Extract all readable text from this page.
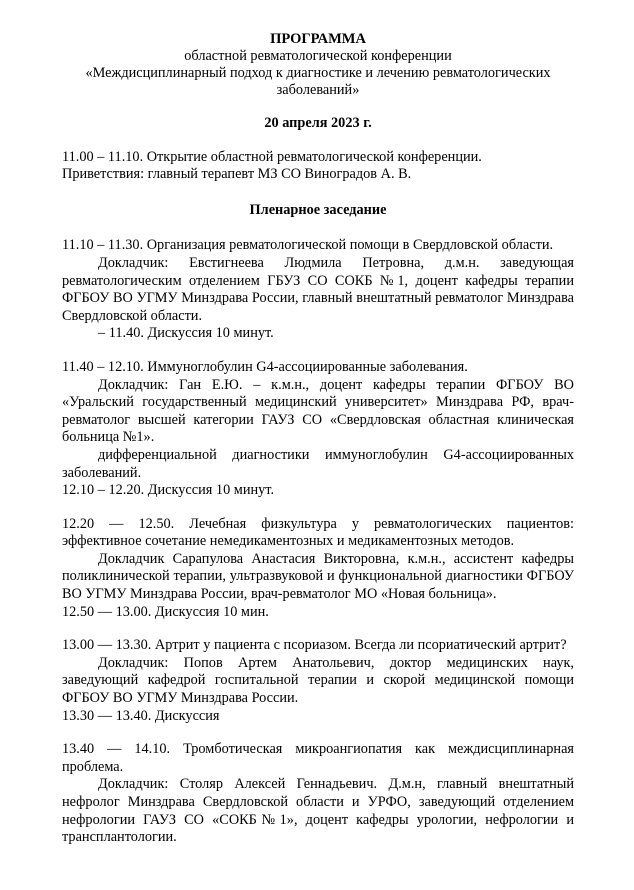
ПРОГРАММА
областной ревматологической конференции
«Междисциплинарный подход к диагностике и лечению ревматологических
заболеваний»
20 апреля 2023 г.

11.00 – 11.10. Открытие областной ревматологической конференции.

Приветствия: главный терапевт МЗ СО Виноградов А. В.

Пленарное заседание

11.10 – 11.30. Организация ревматологической помощи в Свердловской области.

Докладчик: Евстигнеева Людмила Петровна, д.м.н. заведующая ревматологическим отделением ГБУЗ СО СОКБ №1, доцент кафедры терапии ФГБОУ ВО УГМУ Минздрава России, главный внештатный ревматолог Минздрава Свердловской области.

– 11.40. Дискуссия 10 минут.

11.40 – 12.10. Иммуноглобулин G4-ассоциированные заболевания.

Докладчик: Ган Е.Ю. – к.м.н., доцент кафедры терапии ФГБОУ ВО «Уральский государственный медицинский университет» Минздрава РФ, врач-ревматолог высшей категории ГАУЗ СО «Свердловская областная клиническая больница №1».

дифференциальной диагностики иммуноглобулин G4-ассоциированных заболеваний.

12.10 – 12.20. Дискуссия 10 минут.

12.20 — 12.50. Лечебная физкультура у ревматологических пациентов: эффективное сочетание немедикаментозных и медикаментозных методов.

Докладчик Сарапулова Анастасия Викторовна, к.м.н., ассистент кафедры поликлинической терапии, ультразвуковой и функциональной диагностики ФГБОУ ВО УГМУ Минздрава России, врач-ревматолог МО «Новая больница».

12.50 — 13.00. Дискуссия 10 мин.

13.00 — 13.30. Артрит у пациента с псориазом. Всегда ли псориатический артрит?

Докладчик: Попов Артем Анатольевич, доктор медицинских наук, заведующий кафедрой госпитальной терапии и скорой медицинской помощи ФГБОУ ВО УГМУ Минздрава России.

13.30 — 13.40. Дискуссия

13.40 — 14.10. Тромботическая микроангиопатия как междисциплинарная проблема.

Докладчик: Столяр Алексей Геннадьевич. Д.м.н, главный внештатный нефролог Минздрава Свердловской области и УРФО, заведующий отделением нефрологии ГАУЗ СО «СОКБ№1», доцент кафедры урологии, нефрологии и трансплантологии.
